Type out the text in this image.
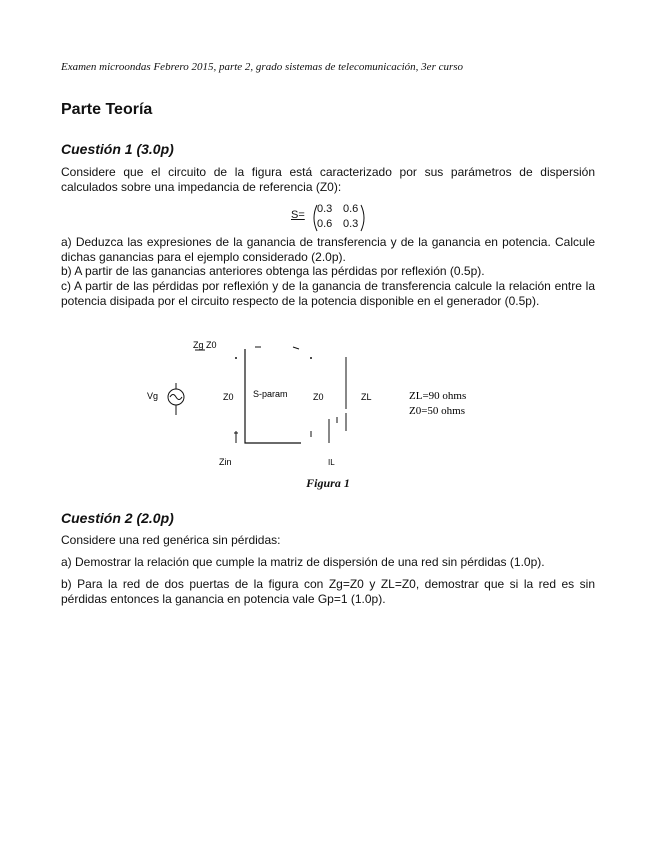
Examen microondas Febrero 2015, parte 2, grado sistemas de telecomunicación, 3er curso
Parte Teoría
Cuestión 1 (3.0p)
Considere que el circuito de la figura está caracterizado por sus parámetros de dispersión calculados sobre una impedancia de referencia (Z0):
S= 0.3 0.6
0.6 0.3
a) Deduzca las expresiones de la ganancia de transferencia y de la ganancia en potencia. Calcule dichas ganancias para el ejemplo considerado (2.0p).
b) A partir de las ganancias anteriores obtenga las pérdidas por reflexión (0.5p).
c) A partir de las pérdidas por reflexión y de la ganancia de transferencia calcule la relación entre la potencia disipada por el circuito respecto de la potencia disponible en el generador (0.5p).
Zg Z0
Vg	Z0 S-param	Z0	ZL
Zin	IL
ZL=90 ohms
Z0=50 ohms
Figura 1
Cuestión 2 (2.0p)
Considere una red genérica sin pérdidas:
a) Demostrar la relación que cumple la matriz de dispersión de una red sin pérdidas (1.0p).
b) Para la red de dos puertas de la figura con Zg=Z0 y ZL=Z0, demostrar que si la red es sin pérdidas entonces la ganancia en potencia vale Gp=1 (1.0p).
